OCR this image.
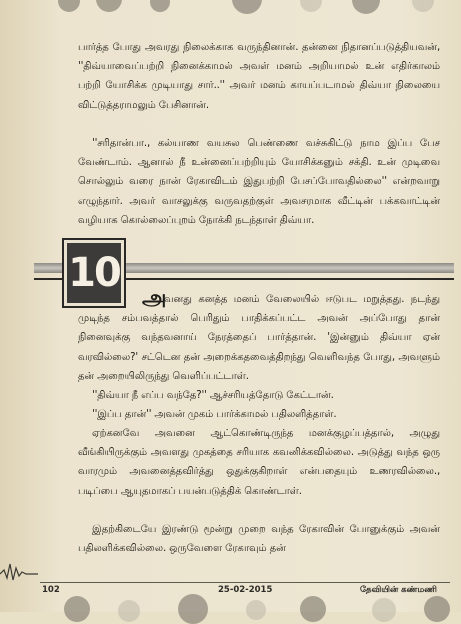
பார்த்த போது அவரது நிலைக்காக வருந்தினான். தன்னை நிதானப்படுத்தியவன், ''திவ்யாவைப்பற்றி நினைக்காமல் அவள் மனம் அறியாமல் உன் எதிர்காலம் பற்றி யோசிக்க முடியாது சார்..'' அவர் மனம் காயப்படாமல் திவ்யா நிலையை விட்டுத்தராமலும் பேசினான்.

''சரிதான்பா., கல்யாண வயசுல பெண்ணை வச்சுகிட்டு நாம இப்ப பேச வேண்டாம். ஆனால் நீ உன்னைப்பற்றியும் யோசிக்கனும் சக்தி. உன் முடிவை சொல்லும் வரை நான் ரேகாவிடம் இதுபற்றி பேசப்போவதில்லை'' என்றவாறு எழுந்தார். அவர் வாசலுக்கு வருவதற்குள் அவசரமாக வீட்டின் பக்கவாட்டின் வழியாக கொல்லைப்புறம் நோக்கி நடந்தாள் திவ்யா.

10
அ

வனது கனத்த மனம் வேலையில் ஈடுபட மறுத்தது. நடந்து முடிந்த சம்பவத்தால் பெரிதும் பாதிக்கப்பட்ட அவன் அப்போது தான் நினைவுக்கு வந்தவனாய் நேரத்தைப் பார்த்தான். 'இன்னும் திவ்யா ஏன் வரவில்லை?' சட்டென தன் அறைக்கதவைத்திறந்து வெளிவந்த போது, அவளும் தன் அறையிலிருந்து வெளிப்பட்டாள்.

''திவ்யா நீ எப்ப வந்தே?'' ஆச்சரியத்தோடு கேட்டான்.

''இப்ப தான்'' அவன் முகம் பார்க்காமல் பதிலளித்தாள்.

ஏற்கனவே அவனை ஆட்கொண்டிருந்த மனக்குழப்பத்தால், அழுது வீங்கியிருக்கும் அவளது முகத்தை சரியாக கவனிக்கவில்லை. அடுத்து வந்த ஒரு வாரமும் அவனைத்தவிர்த்து ஒதுக்குகிறாள் என்பதையும் உணரவில்லை., படிப்பை ஆயுதமாகப் பயன்படுத்திக் கொண்டாள்.

இதற்கிடையே இரண்டு மூன்று முறை வந்த ரேகாவின் போனுக்கும் அவன் பதிலளிக்கவில்லை. ஒருவேளை ரேகாவும் தன்

102	25-02-2015	தேவியின் கண்மணி
